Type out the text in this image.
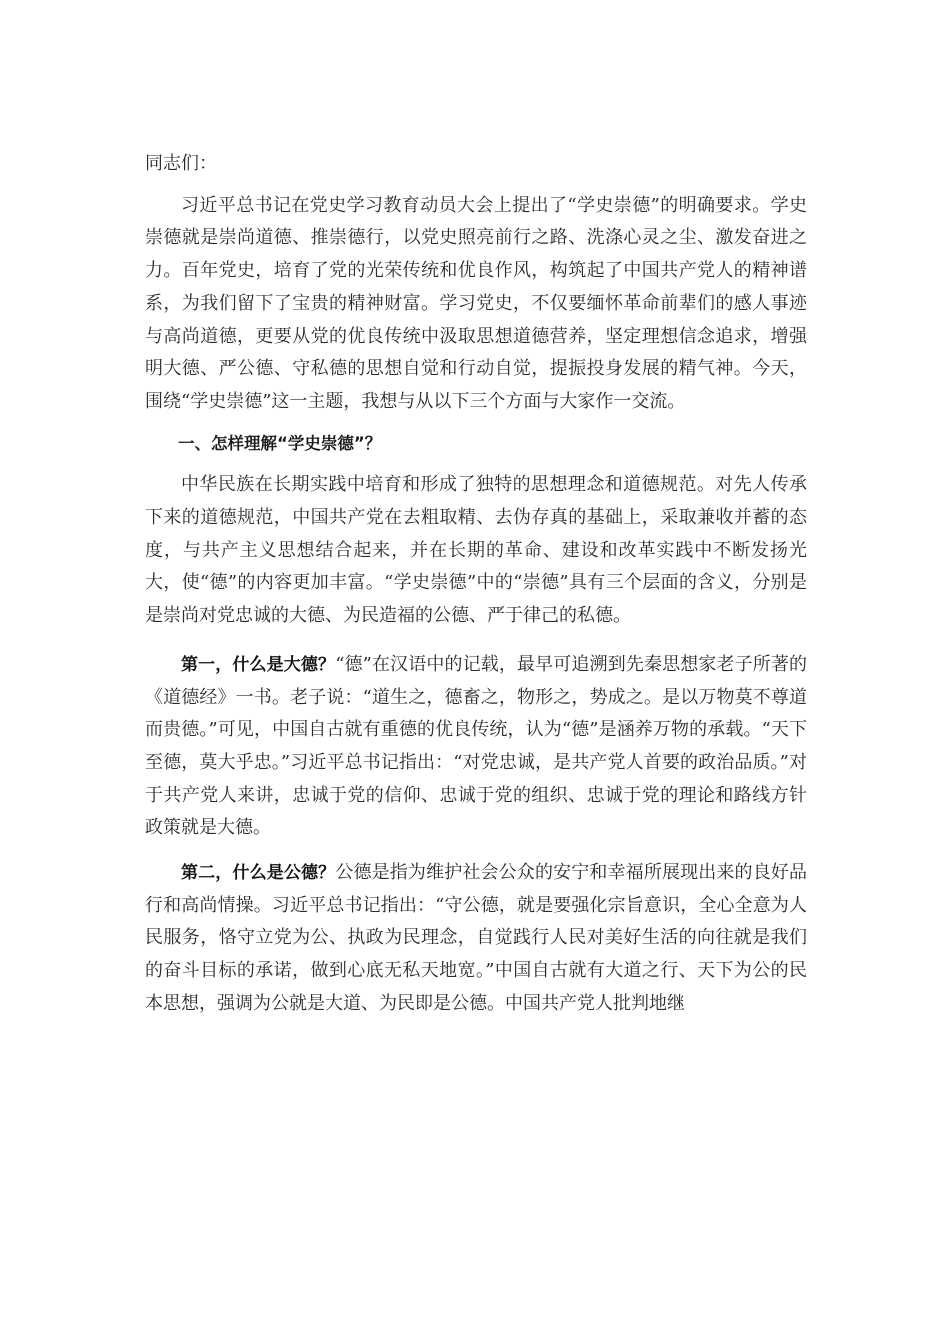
同志们：

习近平总书记在党史学习教育动员大会上提出了“学史崇德”的明确要求。学史崇德就是崇尚道德、推崇德行，以党史照亮前行之路、洗涤心灵之尘、激发奋进之力。百年党史，培育了党的光荣传统和优良作风，构筑起了中国共产党人的精神谱系，为我们留下了宝贵的精神财富。学习党史，不仅要缅怀革命前辈们的感人事迹与高尚道德，更要从党的优良传统中汲取思想道德营养，坚定理想信念追求，增强明大德、严公德、守私德的思想自觉和行动自觉，提振投身发展的精气神。今天，围绕“学史崇德”这一主题，我想与从以下三个方面与大家作一交流。

一、怎样理解“学史崇德”？

中华民族在长期实践中培育和形成了独特的思想理念和道德规范。对先人传承下来的道德规范，中国共产党在去粗取精、去伪存真的基础上，采取兼收并蓄的态度，与共产主义思想结合起来，并在长期的革命、建设和改革实践中不断发扬光大，使“德”的内容更加丰富。“学史崇德”中的“崇德”具有三个层面的含义，分别是是崇尚对党忠诚的大德、为民造福的公德、严于律己的私德。

第一，什么是大德？“德”在汉语中的记载，最早可追溯到先秦思想家老子所著的《道德经》一书。老子说：“道生之，德畜之，物形之，势成之。是以万物莫不尊道而贵德。”可见，中国自古就有重德的优良传统，认为“德”是涵养万物的承载。“天下至德，莫大乎忠。”习近平总书记指出：“对党忠诚，是共产党人首要的政治品质。”对于共产党人来讲，忠诚于党的信仰、忠诚于党的组织、忠诚于党的理论和路线方针政策就是大德。

第二，什么是公德？公德是指为维护社会公众的安宁和幸福所展现出来的良好品行和高尚情操。习近平总书记指出：“守公德，就是要强化宗旨意识，全心全意为人民服务，恪守立党为公、执政为民理念，自觉践行人民对美好生活的向往就是我们的奋斗目标的承诺，做到心底无私天地宽。”中国自古就有大道之行、天下为公的民本思想，强调为公就是大道、为民即是公德。中国共产党人批判地继
